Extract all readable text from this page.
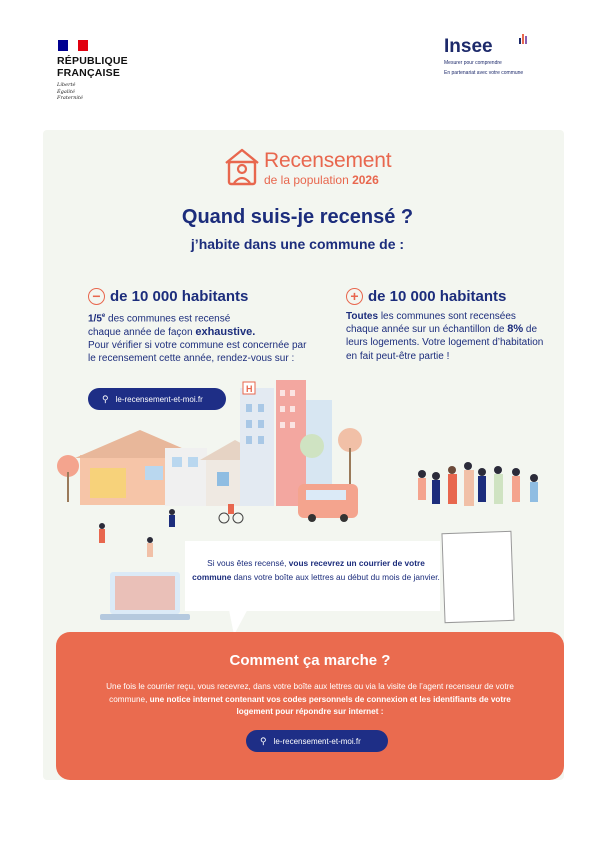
RÉPUBLIQUE
FRANÇAISE
Liberté
Égalité
Fraternité
Insee
Mesurer pour comprendre
En partenariat avec votre commune
Recensement
de la population 2026
Quand suis-je recensé ?
j’habite dans une commune de :
− de 10 000 habitants
1/5e des communes est recensé
chaque année de façon exhaustive.
Pour vérifier si votre commune est concernée par le recensement cette année, rendez-vous sur :
⚲ le-recensement-et-moi.fr
+ de 10 000 habitants
Toutes les communes sont recensées chaque année sur un échantillon de 8% de leurs logements. Votre logement d’habitation en fait peut-être partie !
H
Si vous êtes recensé, vous recevrez un courrier de votre commune dans votre boîte aux lettres au début du mois de janvier.
Comment ça marche ?
Une fois le courrier reçu, vous recevrez, dans votre boîte aux lettres ou via la visite de l’agent recenseur de votre commune, une notice internet contenant vos codes personnels de connexion et les identifiants de votre logement pour répondre sur internet :
⚲ le-recensement-et-moi.fr
